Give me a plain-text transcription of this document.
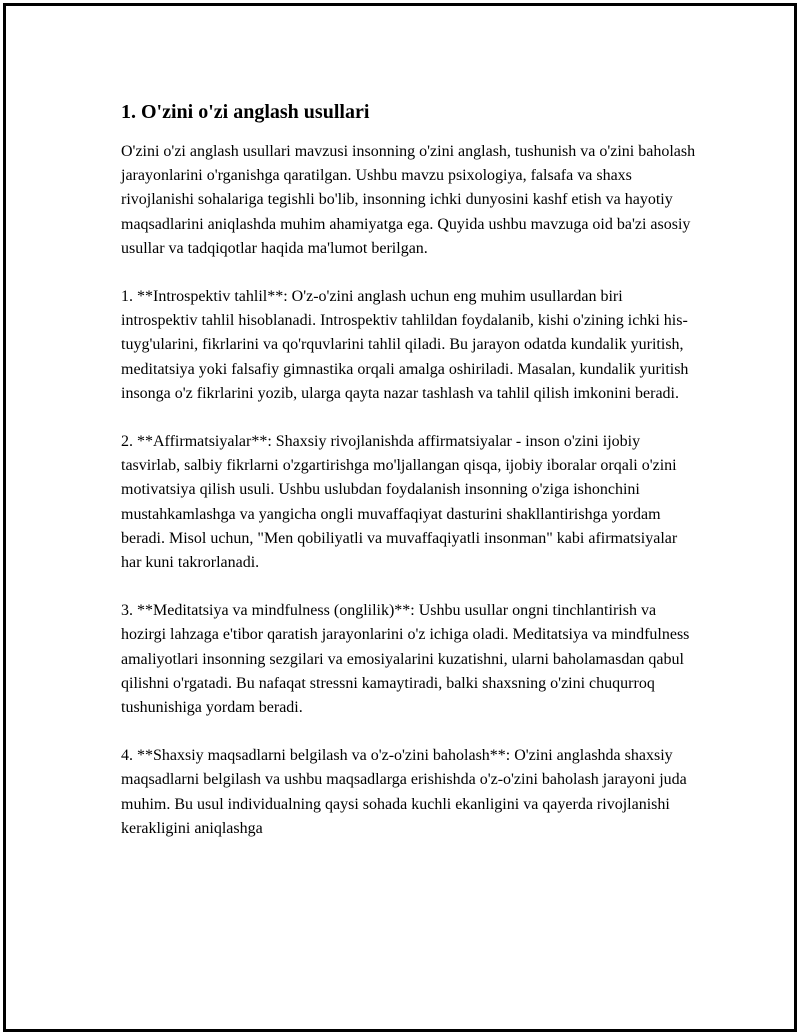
1. O'zini o'zi anglash usullari

O'zini o'zi anglash usullari mavzusi insonning o'zini anglash, tushunish va o'zini baholash jarayonlarini o'rganishga qaratilgan. Ushbu mavzu psixologiya, falsafa va shaxs rivojlanishi sohalariga tegishli bo'lib, insonning ichki dunyosini kashf etish va hayotiy maqsadlarini aniqlashda muhim ahamiyatga ega. Quyida ushbu mavzuga oid ba'zi asosiy usullar va tadqiqotlar haqida ma'lumot berilgan.

1. **Introspektiv tahlil**: O'z-o'zini anglash uchun eng muhim usullardan biri introspektiv tahlil hisoblanadi. Introspektiv tahlildan foydalanib, kishi o'zining ichki his-tuyg'ularini, fikrlarini va qo'rquvlarini tahlil qiladi. Bu jarayon odatda kundalik yuritish, meditatsiya yoki falsafiy gimnastika orqali amalga oshiriladi. Masalan, kundalik yuritish insonga o'z fikrlarini yozib, ularga qayta nazar tashlash va tahlil qilish imkonini beradi.

2. **Affirmatsiyalar**: Shaxsiy rivojlanishda affirmatsiyalar - inson o'zini ijobiy tasvirlab, salbiy fikrlarni o'zgartirishga mo'ljallangan qisqa, ijobiy iboralar orqali o'zini motivatsiya qilish usuli. Ushbu uslubdan foydalanish insonning o'ziga ishonchini mustahkamlashga va yangicha ongli muvaffaqiyat dasturini shakllantirishga yordam beradi. Misol uchun, "Men qobiliyatli va muvaffaqiyatli insonman" kabi afirmatsiyalar har kuni takrorlanadi.

3. **Meditatsiya va mindfulness (onglilik)**: Ushbu usullar ongni tinchlantirish va hozirgi lahzaga e'tibor qaratish jarayonlarini o'z ichiga oladi. Meditatsiya va mindfulness amaliyotlari insonning sezgilari va emosiyalarini kuzatishni, ularni baholamasdan qabul qilishni o'rgatadi. Bu nafaqat stressni kamaytiradi, balki shaxsning o'zini chuqurroq tushunishiga yordam beradi.

4. **Shaxsiy maqsadlarni belgilash va o'z-o'zini baholash**: O'zini anglashda shaxsiy maqsadlarni belgilash va ushbu maqsadlarga erishishda o'z-o'zini baholash jarayoni juda muhim. Bu usul individualning qaysi sohada kuchli ekanligini va qayerda rivojlanishi kerakligini aniqlashga
